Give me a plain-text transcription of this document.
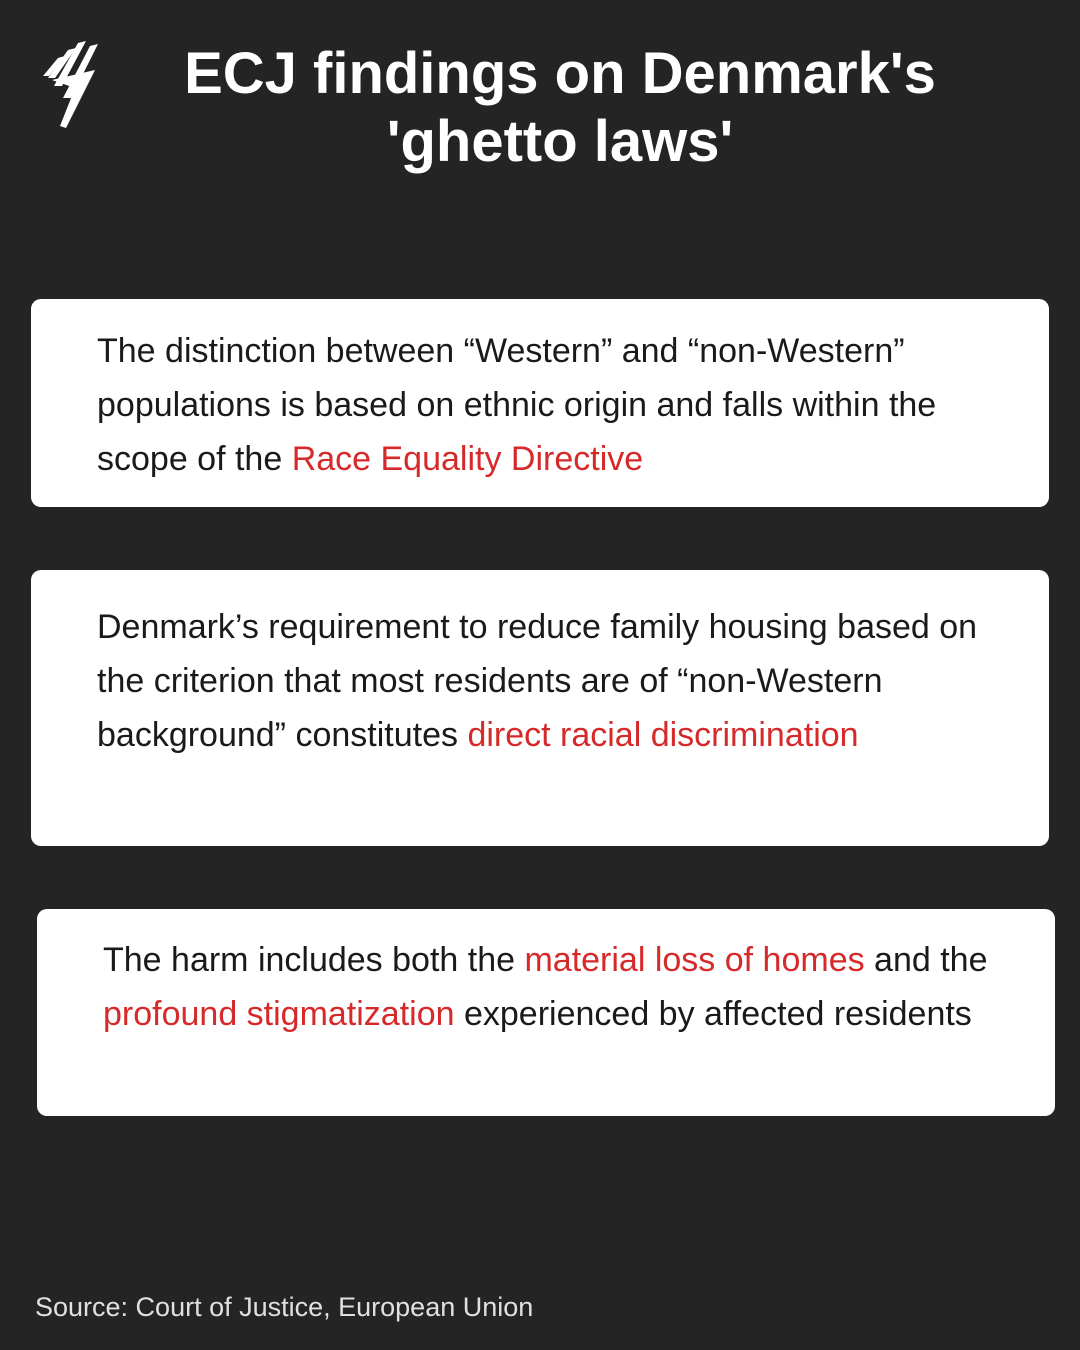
ECJ findings on Denmark's
'ghetto laws'

The distinction between “Western” and “non-Western” populations is based on ethnic origin and falls within the scope of the Race Equality Directive

Denmark’s requirement to reduce family housing based on the criterion that most residents are of “non-Western background” constitutes direct racial discrimination

The harm includes both the material loss of homes and the profound stigmatization experienced by affected residents

Source: Court of Justice, European Union
